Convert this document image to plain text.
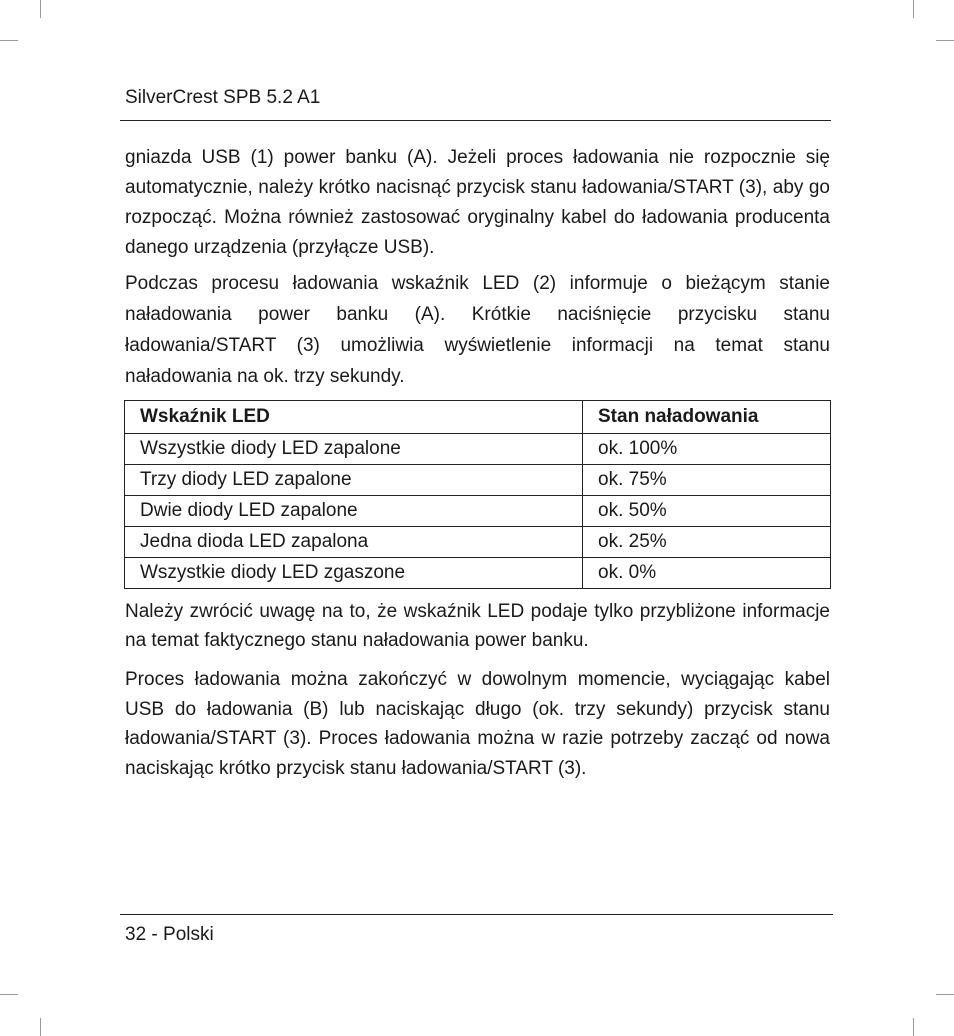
SilverCrest SPB 5.2 A1

gniazda USB (1) power banku (A). Jeżeli proces ładowania nie rozpocznie się automatycznie, należy krótko nacisnąć przycisk stanu ładowania/START (3), aby go rozpocząć. Można również zastosować oryginalny kabel do ładowania producenta danego urządzenia (przyłącze USB).

Podczas procesu ładowania wskaźnik LED (2) informuje o bieżącym stanie naładowania power banku (A). Krótkie naciśnięcie przycisku stanu ładowania/START (3) umożliwia wyświetlenie informacji na temat stanu naładowania na ok. trzy sekundy.

Wskaźnik LED	Stan naładowania
Wszystkie diody LED zapalone	ok. 100%
Trzy diody LED zapalone	ok. 75%
Dwie diody LED zapalone	ok. 50%
Jedna dioda LED zapalona	ok. 25%
Wszystkie diody LED zgaszone	ok. 0%

Należy zwrócić uwagę na to, że wskaźnik LED podaje tylko przybliżone informacje na temat faktycznego stanu naładowania power banku.

Proces ładowania można zakończyć w dowolnym momencie, wyciągając kabel USB do ładowania (B) lub naciskając długo (ok. trzy sekundy) przycisk stanu ładowania/START (3). Proces ładowania można w razie potrzeby zacząć od nowa naciskając krótko przycisk stanu ładowania/START (3).

32 - Polski
